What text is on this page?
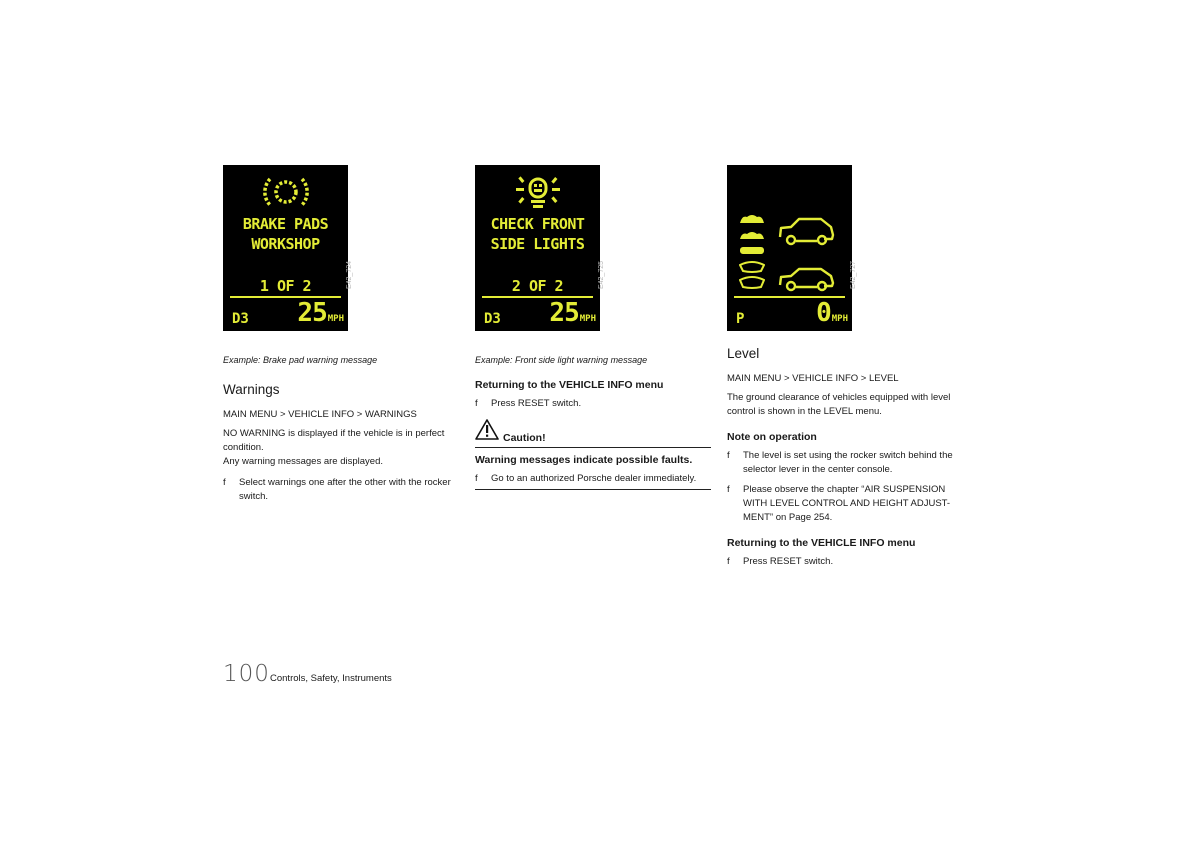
BRAKE PADS
WORKSHOP
1 OF 2
D3 25MPH
E42_724
Example: Brake pad warning message
Warnings
MAIN MENU > VEHICLE INFO > WARNINGS

NO WARNING is displayed if the vehicle is in perfect condition.

Any warning messages are displayed.

f	Select warnings one after the other with the rocker switch.
CHECK FRONT
SIDE LIGHTS
2 OF 2
D3 25MPH
E42_725
Example: Front side light warning message
Returning to the VEHICLE INFO menu
f	Press RESET switch.
Caution!
Warning messages indicate possible faults.
f	Go to an authorized Porsche dealer immediately.
P	0MPH
E42_727
Level
MAIN MENU > VEHICLE INFO > LEVEL

The ground clearance of vehicles equipped with level control is shown in the LEVEL menu.

Note on operation
f	The level is set using the rocker switch behind the selector lever in the center console.
f	Please observe the chapter “AIR SUSPENSION WITH LEVEL CONTROL AND HEIGHT ADJUST-MENT” on Page 254.
Returning to the VEHICLE INFO menu
f	Press RESET switch.
100 Controls, Safety, Instruments
